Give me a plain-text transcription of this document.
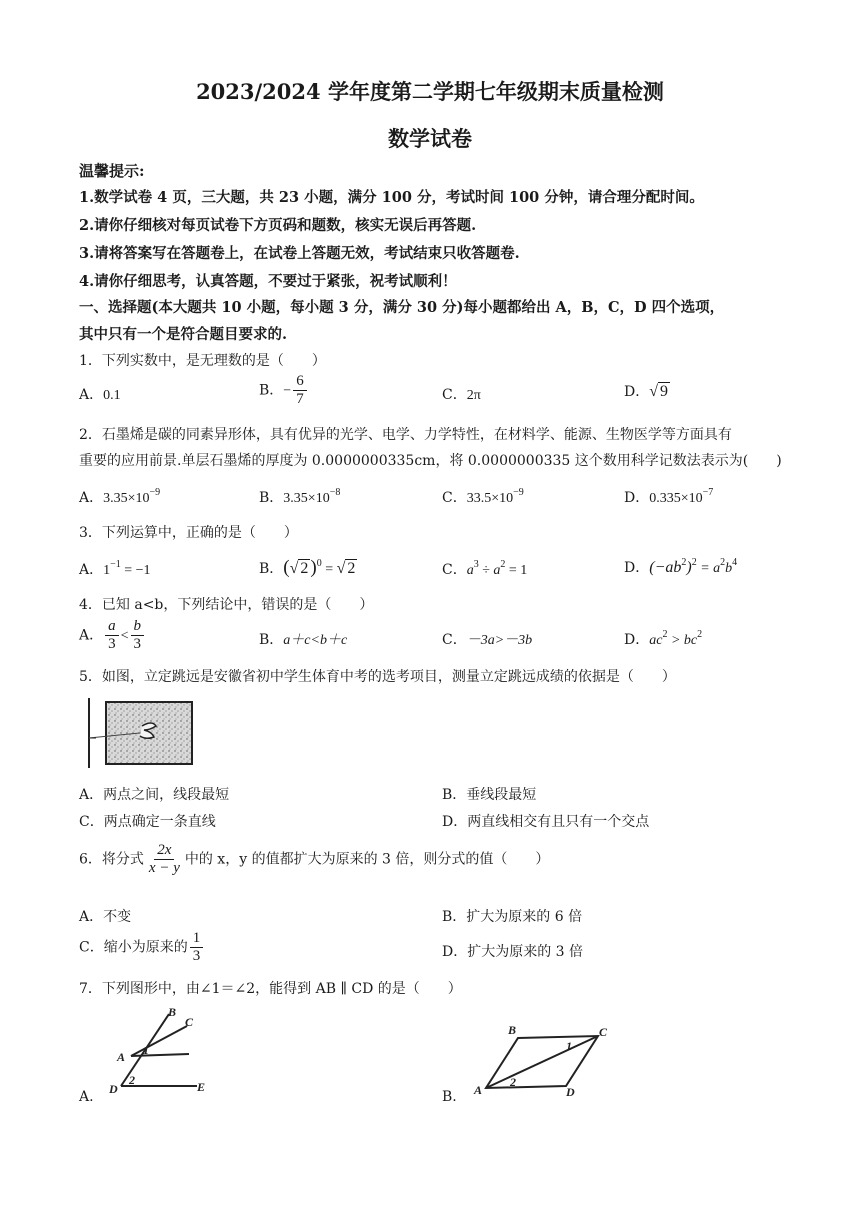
2023/2024 学年度第二学期七年级期末质量检测
数学试卷
温馨提示:
1.数学试卷 4 页，三大题，共 23 小题，满分 100 分，考试时间 100 分钟，请合理分配时间。
2.请你仔细核对每页试卷下方页码和题数，核实无误后再答题.
3.请将答案写在答题卷上，在试卷上答题无效，考试结束只收答题卷.
4.请你仔细思考，认真答题，不要过于紧张，祝考试顺利！
一、选择题(本大题共 10 小题，每小题 3 分，满分 30 分)每小题都给出 A，B，C，D 四个选项，
其中只有一个是符合题目要求的.
1．下列实数中，是无理数的是（　　）
A．0.1	B．− $\frac{6}{7}$	C．2π	D．√ 9
2．石墨烯是碳的同素异形体，具有优异的光学、电学、力学特性，在材料学、能源、生物医学等方面具有
重要的应用前景.单层石墨烯的厚度为 0.0000000335cm，将 0.0000000335 这个数用科学记数法表示为(　　)
A．$3.35\times 10^{-9}$	B．$3.35\times 10^{-8}$	C．$33.5\times 10^{-9}$	D．$0.335\times 10^{-7}$
3．下列运算中，正确的是（　　）
A．$1^{-1} = -1$	B．(√ 2 )$^0$ = √ 2	C．$a^3 \div a^2 = 1$	D．$(-ab^2)^2 = a^2b^4$
4．已知 a<b，下列结论中，错误的是（　　）
A． $\frac{a}{3} < \frac{b}{3}$	B．a＋c<b＋c	C．－3a>－3b	D．$ac^2 > bc^2$
5．如图，立定跳远是安徽省初中学生体育中考的选考项目，测量立定跳远成绩的依据是（　　）
A．两点之间，线段最短	B．垂线段最短
C．两点确定一条直线	D．两直线相交有且只有一个交点
6．将分式 $\frac{2x}{x - y}$ 中的 x，y 的值都扩大为原来的 3 倍，则分式的值（　　）
A．不变	B．扩大为原来的 6 倍
C．缩小为原来的 $\frac{1}{3}$	D．扩大为原来的 3 倍
7．下列图形中，由∠1＝∠2，能得到 AB ∥ CD 的是（　　）
B
C
A
D	E
1
2
A.
B	C
A	D
1
2
B.
